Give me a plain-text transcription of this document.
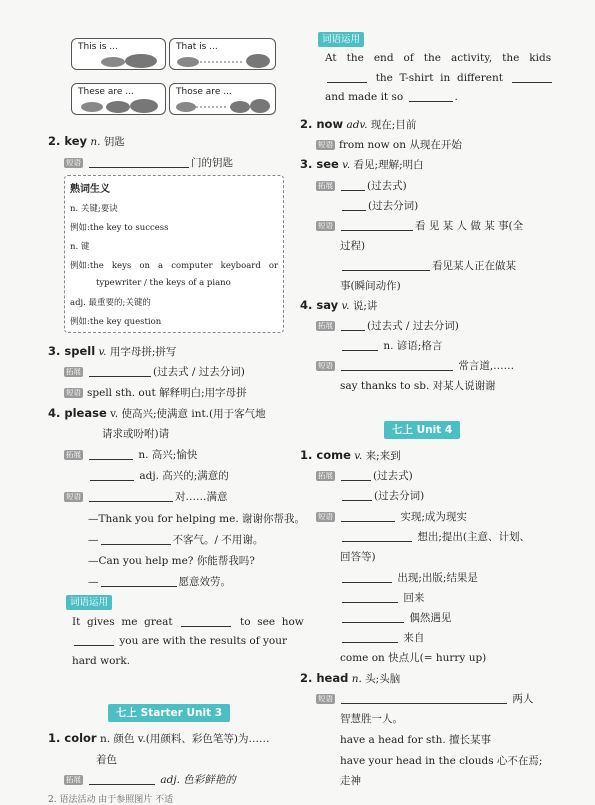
This is ...	That is ...
These are ...	Those are ...
2. key n. 钥匙
短语	门的钥匙
熟词生义
n. 关键;要诀
例如:the key to success
n. 键
例如:the   keys   on   a   computer   keyboard   or
typewriter / the keys of a piano
adj. 最重要的;关键的
例如:the key question
3. spell v. 用字母拼;拼写
拓展	(过去式 / 过去分词)
短语 spell sth. out 解释明白;用字母拼
4. please v. 使高兴;使满意 int.(用于客气地
请求或吩咐)请
拓展	n. 高兴;愉快
adj. 高兴的;满意的
短语	对……满意
—Thank you for helping me. 谢谢你帮我。
—	不客气。/ 不用谢。
—Can you help me? 你能帮我吗?
—	愿意效劳。
词语运用
It  gives  me  great	to  see  how
you are with the results of your
hard work.
七上 Starter Unit 3
1. color n. 颜色 v.(用颜料、彩色笔等)为……
着色
拓展	adj. 色彩鲜艳的
2. 语法活动 由于参照图片 不适
词语运用
At   the   end   of   the   activity,   the   kids
the  T-shirt  in  different
and made it so	.
2. now adv. 现在;目前
短语 from now on 从现在开始
3. see v. 看见;理解;明白
拓展	(过去式)
(过去分词)
短语	看 见 某 人 做 某 事(全
过程)
看见某人正在做某
事(瞬间动作)
4. say v. 说;讲
拓展	(过去式 / 过去分词)
n. 谚语;格言
短语	常言道,……
say thanks to sb. 对某人说谢谢
七上 Unit 4
1. come v. 来;来到
拓展	(过去式)
(过去分词)
短语	实现;成为现实
想出;提出(主意、计划、
回答等)
出现;出版;结果是
回来
偶然遇见
来自
come on 快点儿(= hurry up)
2. head n. 头;头脑
短语	两人
智慧胜一人。
have a head for sth. 擅长某事
have your head in the clouds 心不在焉;
走神
